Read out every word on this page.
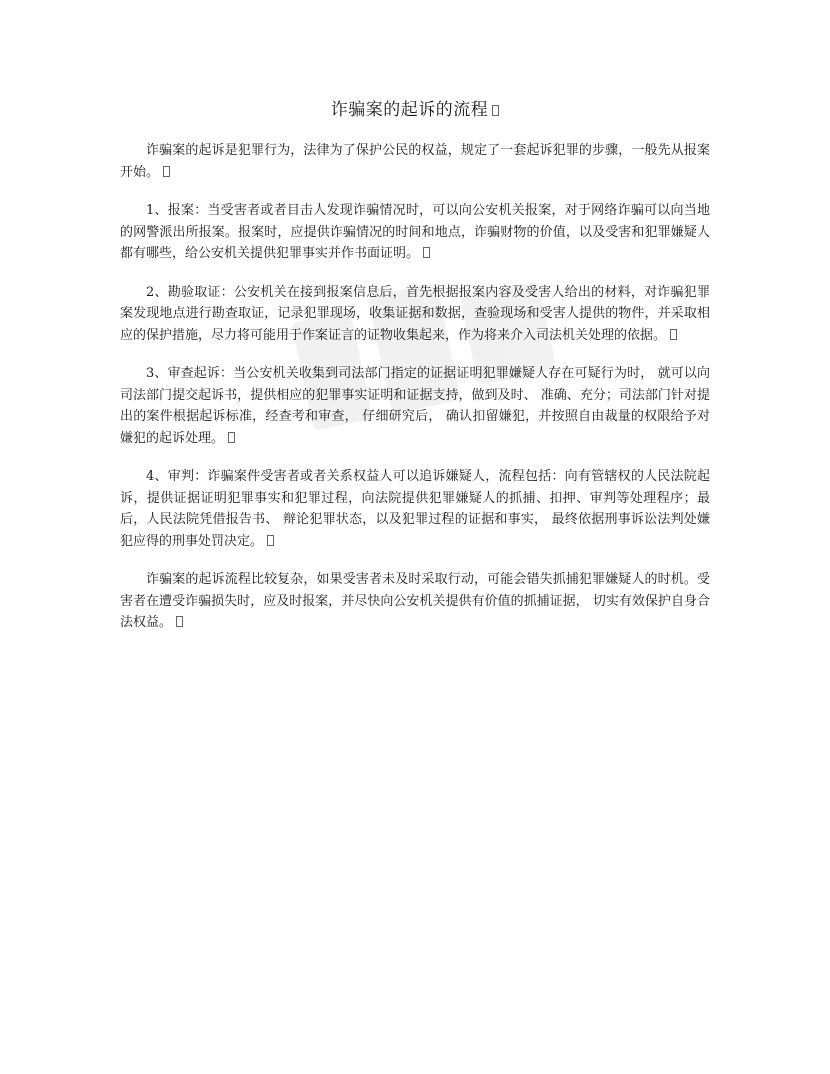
诈骗案的起诉的流程

诈骗案的起诉是犯罪行为，法律为了保护公民的权益，规定了一套起诉犯罪的步骤，一般先从报案开始。

1、报案：当受害者或者目击人发现诈骗情况时，可以向公安机关报案，对于网络诈骗可以向当地的网警派出所报案。报案时，应提供诈骗情况的时间和地点，诈骗财物的价值，以及受害和犯罪嫌疑人都有哪些，给公安机关提供犯罪事实并作书面证明。

2、勘验取证：公安机关在接到报案信息后，首先根据报案内容及受害人给出的材料，对诈骗犯罪案发现地点进行勘查取证，记录犯罪现场，收集证据和数据，查验现场和受害人提供的物件，并采取相应的保护措施，尽力将可能用于作案证言的证物收集起来，作为将来介入司法机关处理的依据。

3、审查起诉：当公安机关收集到司法部门指定的证据证明犯罪嫌疑人存在可疑行为时， 就可以向司法部门提交起诉书，提供相应的犯罪事实证明和证据支持，做到及时、 准确、充分；司法部门针对提出的案件根据起诉标准，经查考和审查， 仔细研究后， 确认扣留嫌犯，并按照自由裁量的权限给予对嫌犯的起诉处理。

4、审判：诈骗案件受害者或者关系权益人可以追诉嫌疑人，流程包括：向有管辖权的人民法院起诉，提供证据证明犯罪事实和犯罪过程，向法院提供犯罪嫌疑人的抓捕、扣押、审判等处理程序；最后，人民法院凭借报告书、 辩论犯罪状态，以及犯罪过程的证据和事实， 最终依据刑事诉讼法判处嫌犯应得的刑事处罚决定。

诈骗案的起诉流程比较复杂，如果受害者未及时采取行动，可能会错失抓捕犯罪嫌疑人的时机。受害者在遭受诈骗损失时，应及时报案，并尽快向公安机关提供有价值的抓捕证据， 切实有效保护自身合法权益。
